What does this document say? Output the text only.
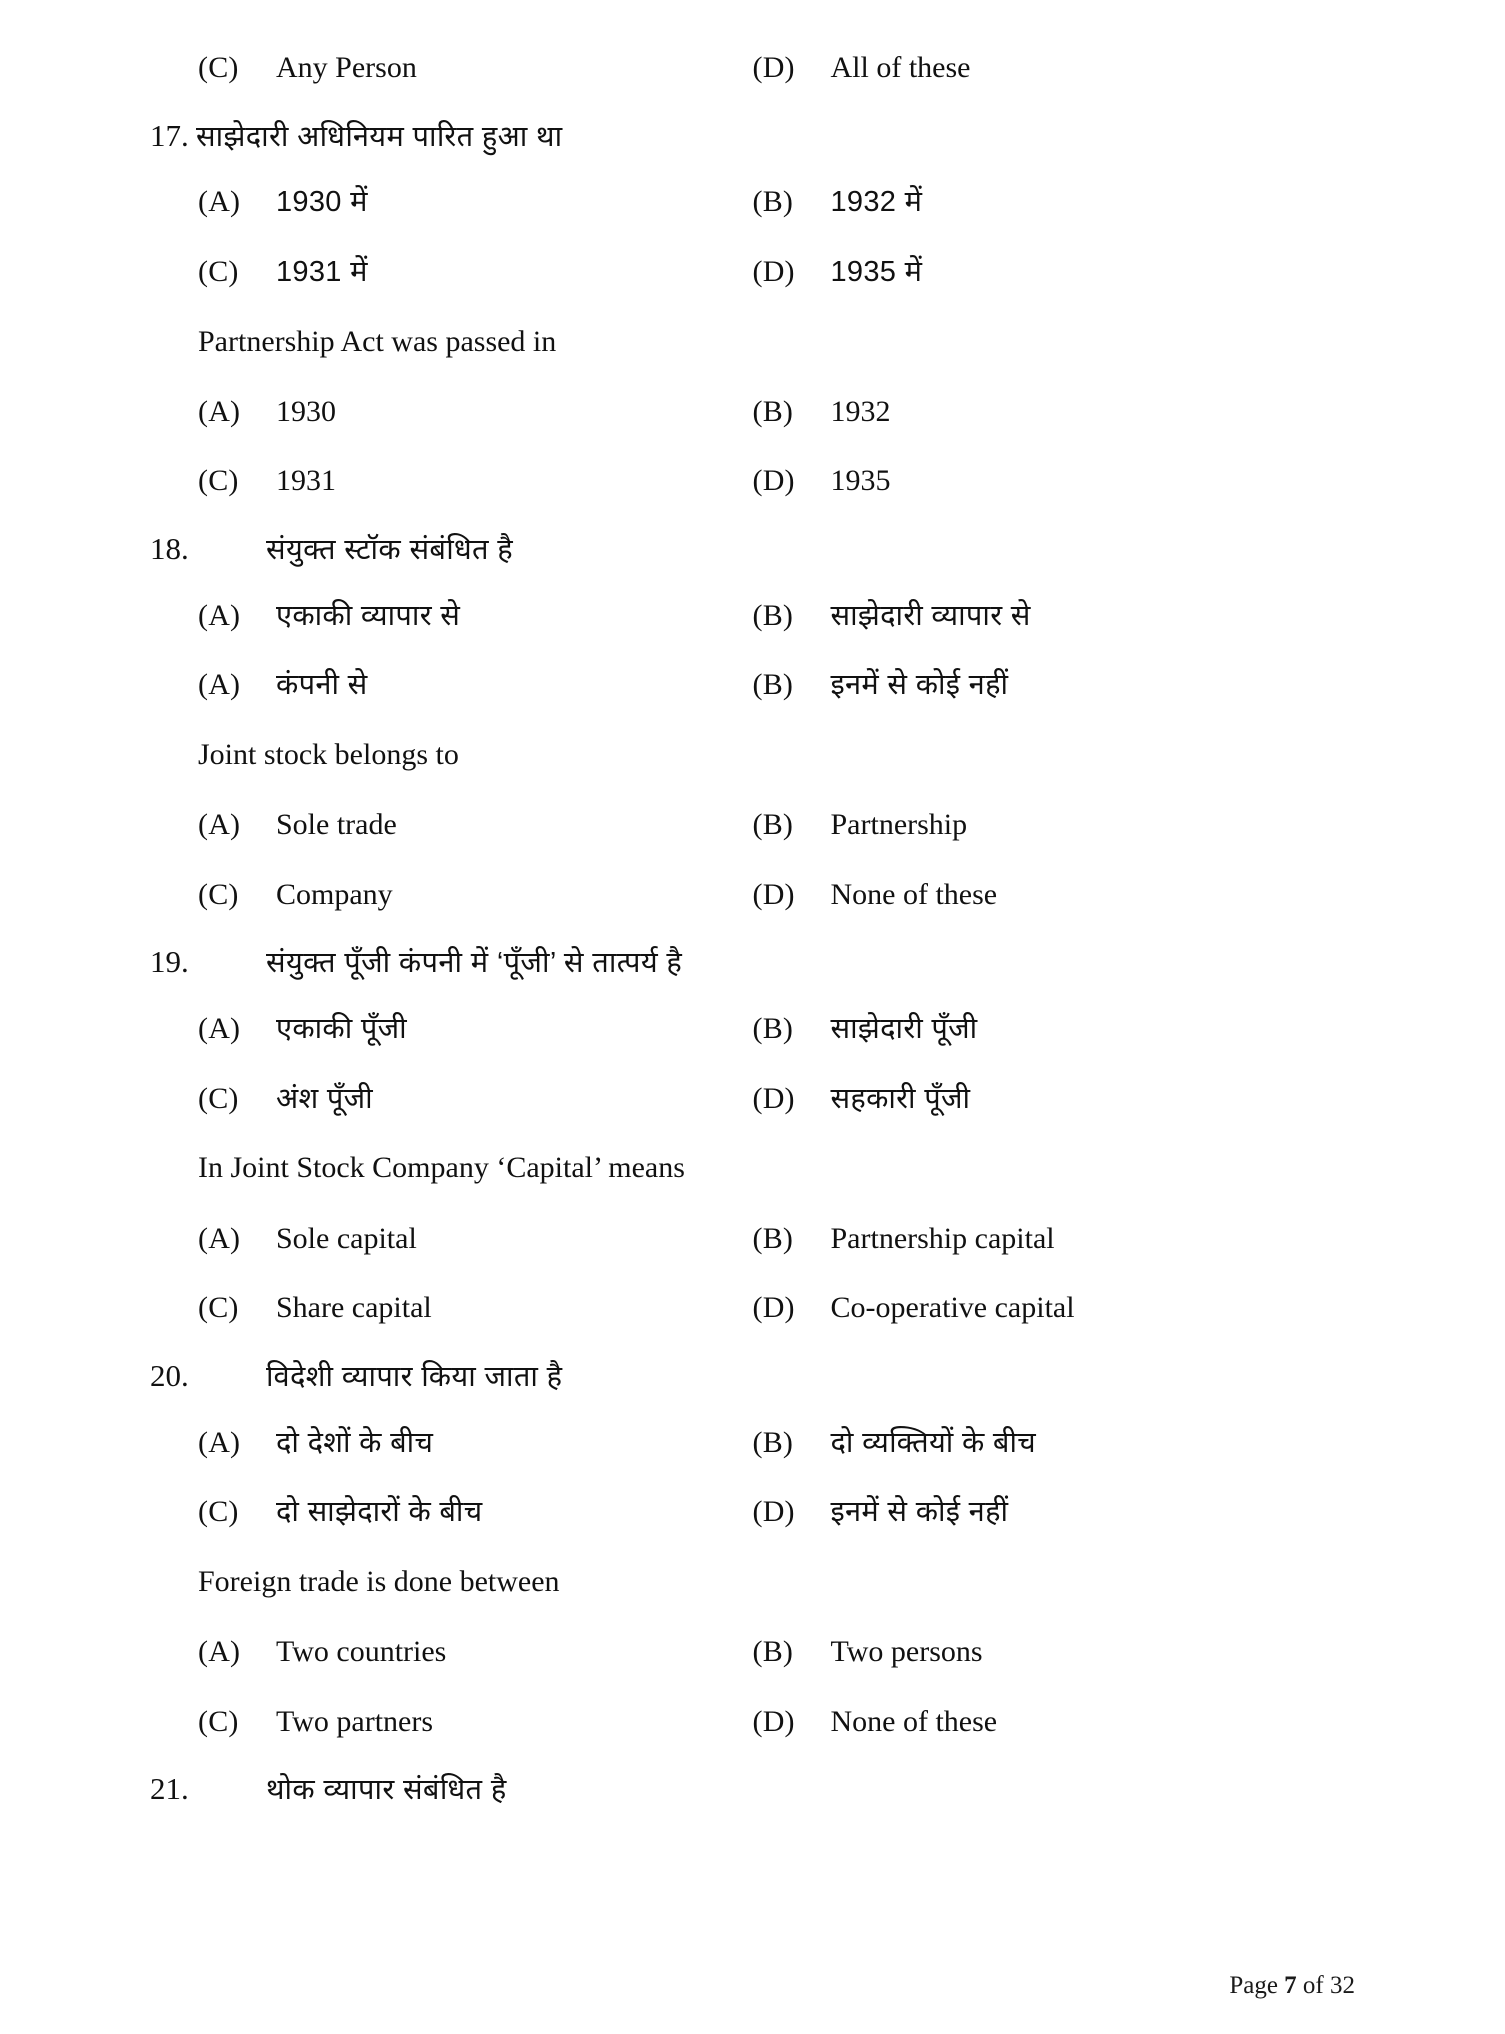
(C)	Any Person	(D)	All of these
17. साझेदारी अधिनियम पारित हुआ था
(A)	1930 में	(B)	1932 में
(C)	1931 में	(D)	1935 में
Partnership Act was passed in
(A)	1930	(B)	1932
(C)	1931	(D)	1935
18.	संयुक्त स्टॉक संबंधित है
(A)	एकाकी व्यापार से	(B)	साझेदारी व्यापार से
(A)	कंपनी से	(B)	इनमें से कोई नहीं
Joint stock belongs to
(A)	Sole trade	(B)	Partnership
(C)	Company	(D)	None of these
19.	संयुक्त पूँजी कंपनी में ‘पूँजी’ से तात्पर्य है
(A)	एकाकी पूँजी	(B)	साझेदारी पूँजी
(C)	अंश पूँजी	(D)	सहकारी पूँजी
In Joint Stock Company ‘Capital’ means
(A)	Sole capital	(B)	Partnership capital
(C)	Share capital	(D)	Co-operative capital
20.	विदेशी व्यापार किया जाता है
(A)	दो देशों के बीच	(B)	दो व्यक्तियों के बीच
(C)	दो साझेदारों के बीच	(D)	इनमें से कोई नहीं
Foreign trade is done between
(A)	Two countries	(B)	Two persons
(C)	Two partners	(D)	None of these
21.	थोक व्यापार संबंधित है
Page 7 of 32
